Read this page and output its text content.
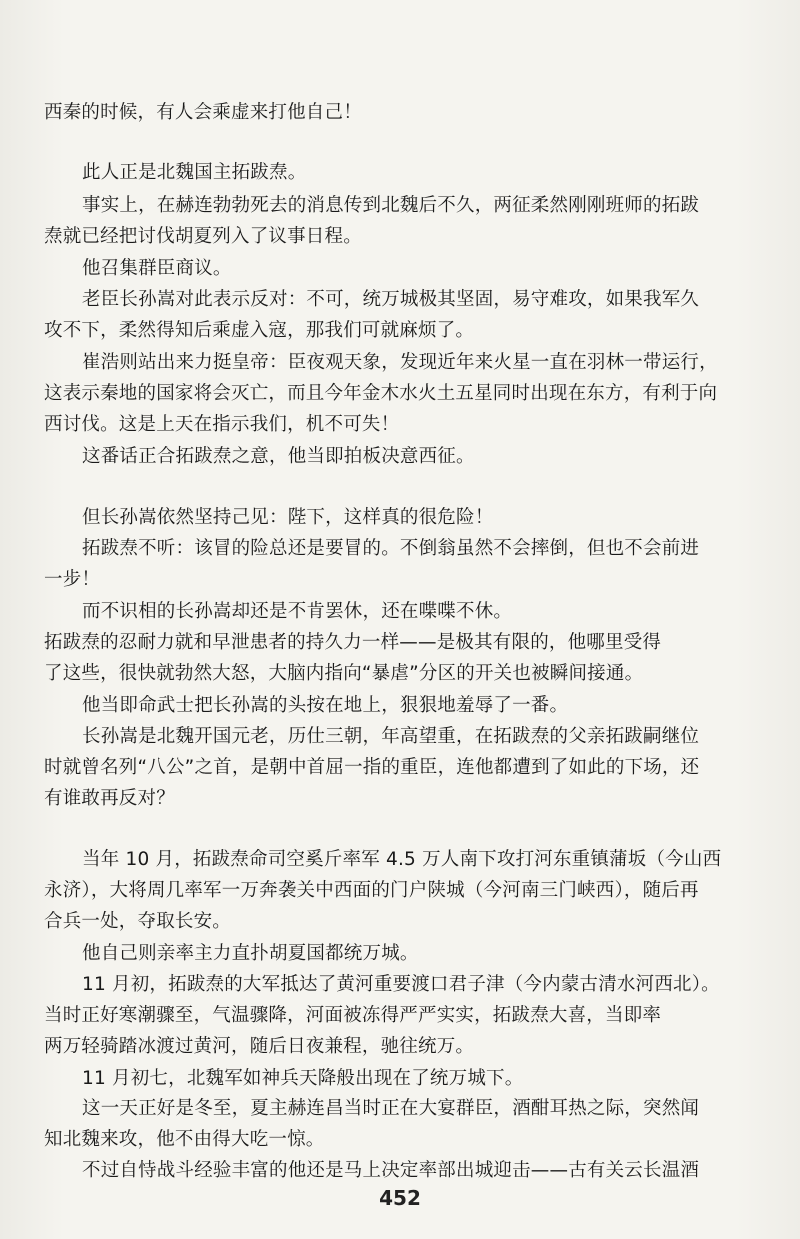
西秦的时候，有人会乘虚来打他自己！
此人正是北魏国主拓跋焘。
事实上，在赫连勃勃死去的消息传到北魏后不久，两征柔然刚刚班师的拓跋
焘就已经把讨伐胡夏列入了议事日程。
他召集群臣商议。
老臣长孙嵩对此表示反对：不可，统万城极其坚固，易守难攻，如果我军久
攻不下，柔然得知后乘虚入寇，那我们可就麻烦了。
崔浩则站出来力挺皇帝：臣夜观天象，发现近年来火星一直在羽林一带运行，
这表示秦地的国家将会灭亡，而且今年金木水火土五星同时出现在东方，有利于向
西讨伐。这是上天在指示我们，机不可失！
这番话正合拓跋焘之意，他当即拍板决意西征。
但长孙嵩依然坚持己见：陛下，这样真的很危险！
拓跋焘不听：该冒的险总还是要冒的。不倒翁虽然不会摔倒，但也不会前进
一步！
而不识相的长孙嵩却还是不肯罢休，还在喋喋不休。
拓跋焘的忍耐力就和早泄患者的持久力一样——是极其有限的，他哪里受得
了这些，很快就勃然大怒，大脑内指向“暴虐”分区的开关也被瞬间接通。
他当即命武士把长孙嵩的头按在地上，狠狠地羞辱了一番。
长孙嵩是北魏开国元老，历仕三朝，年高望重，在拓跋焘的父亲拓跋嗣继位
时就曾名列“八公”之首，是朝中首屈一指的重臣，连他都遭到了如此的下场，还
有谁敢再反对？
当年 10 月，拓跋焘命司空奚斤率军 4.5 万人南下攻打河东重镇蒲坂（今山西
永济），大将周几率军一万奔袭关中西面的门户陕城（今河南三门峡西），随后再
合兵一处，夺取长安。
他自己则亲率主力直扑胡夏国都统万城。
11 月初，拓跋焘的大军抵达了黄河重要渡口君子津（今内蒙古清水河西北）。
当时正好寒潮骤至，气温骤降，河面被冻得严严实实，拓跋焘大喜，当即率
两万轻骑踏冰渡过黄河，随后日夜兼程，驰往统万。
11 月初七，北魏军如神兵天降般出现在了统万城下。
这一天正好是冬至，夏主赫连昌当时正在大宴群臣，酒酣耳热之际，突然闻
知北魏来攻，他不由得大吃一惊。
不过自恃战斗经验丰富的他还是马上决定率部出城迎击——古有关云长温酒
452
